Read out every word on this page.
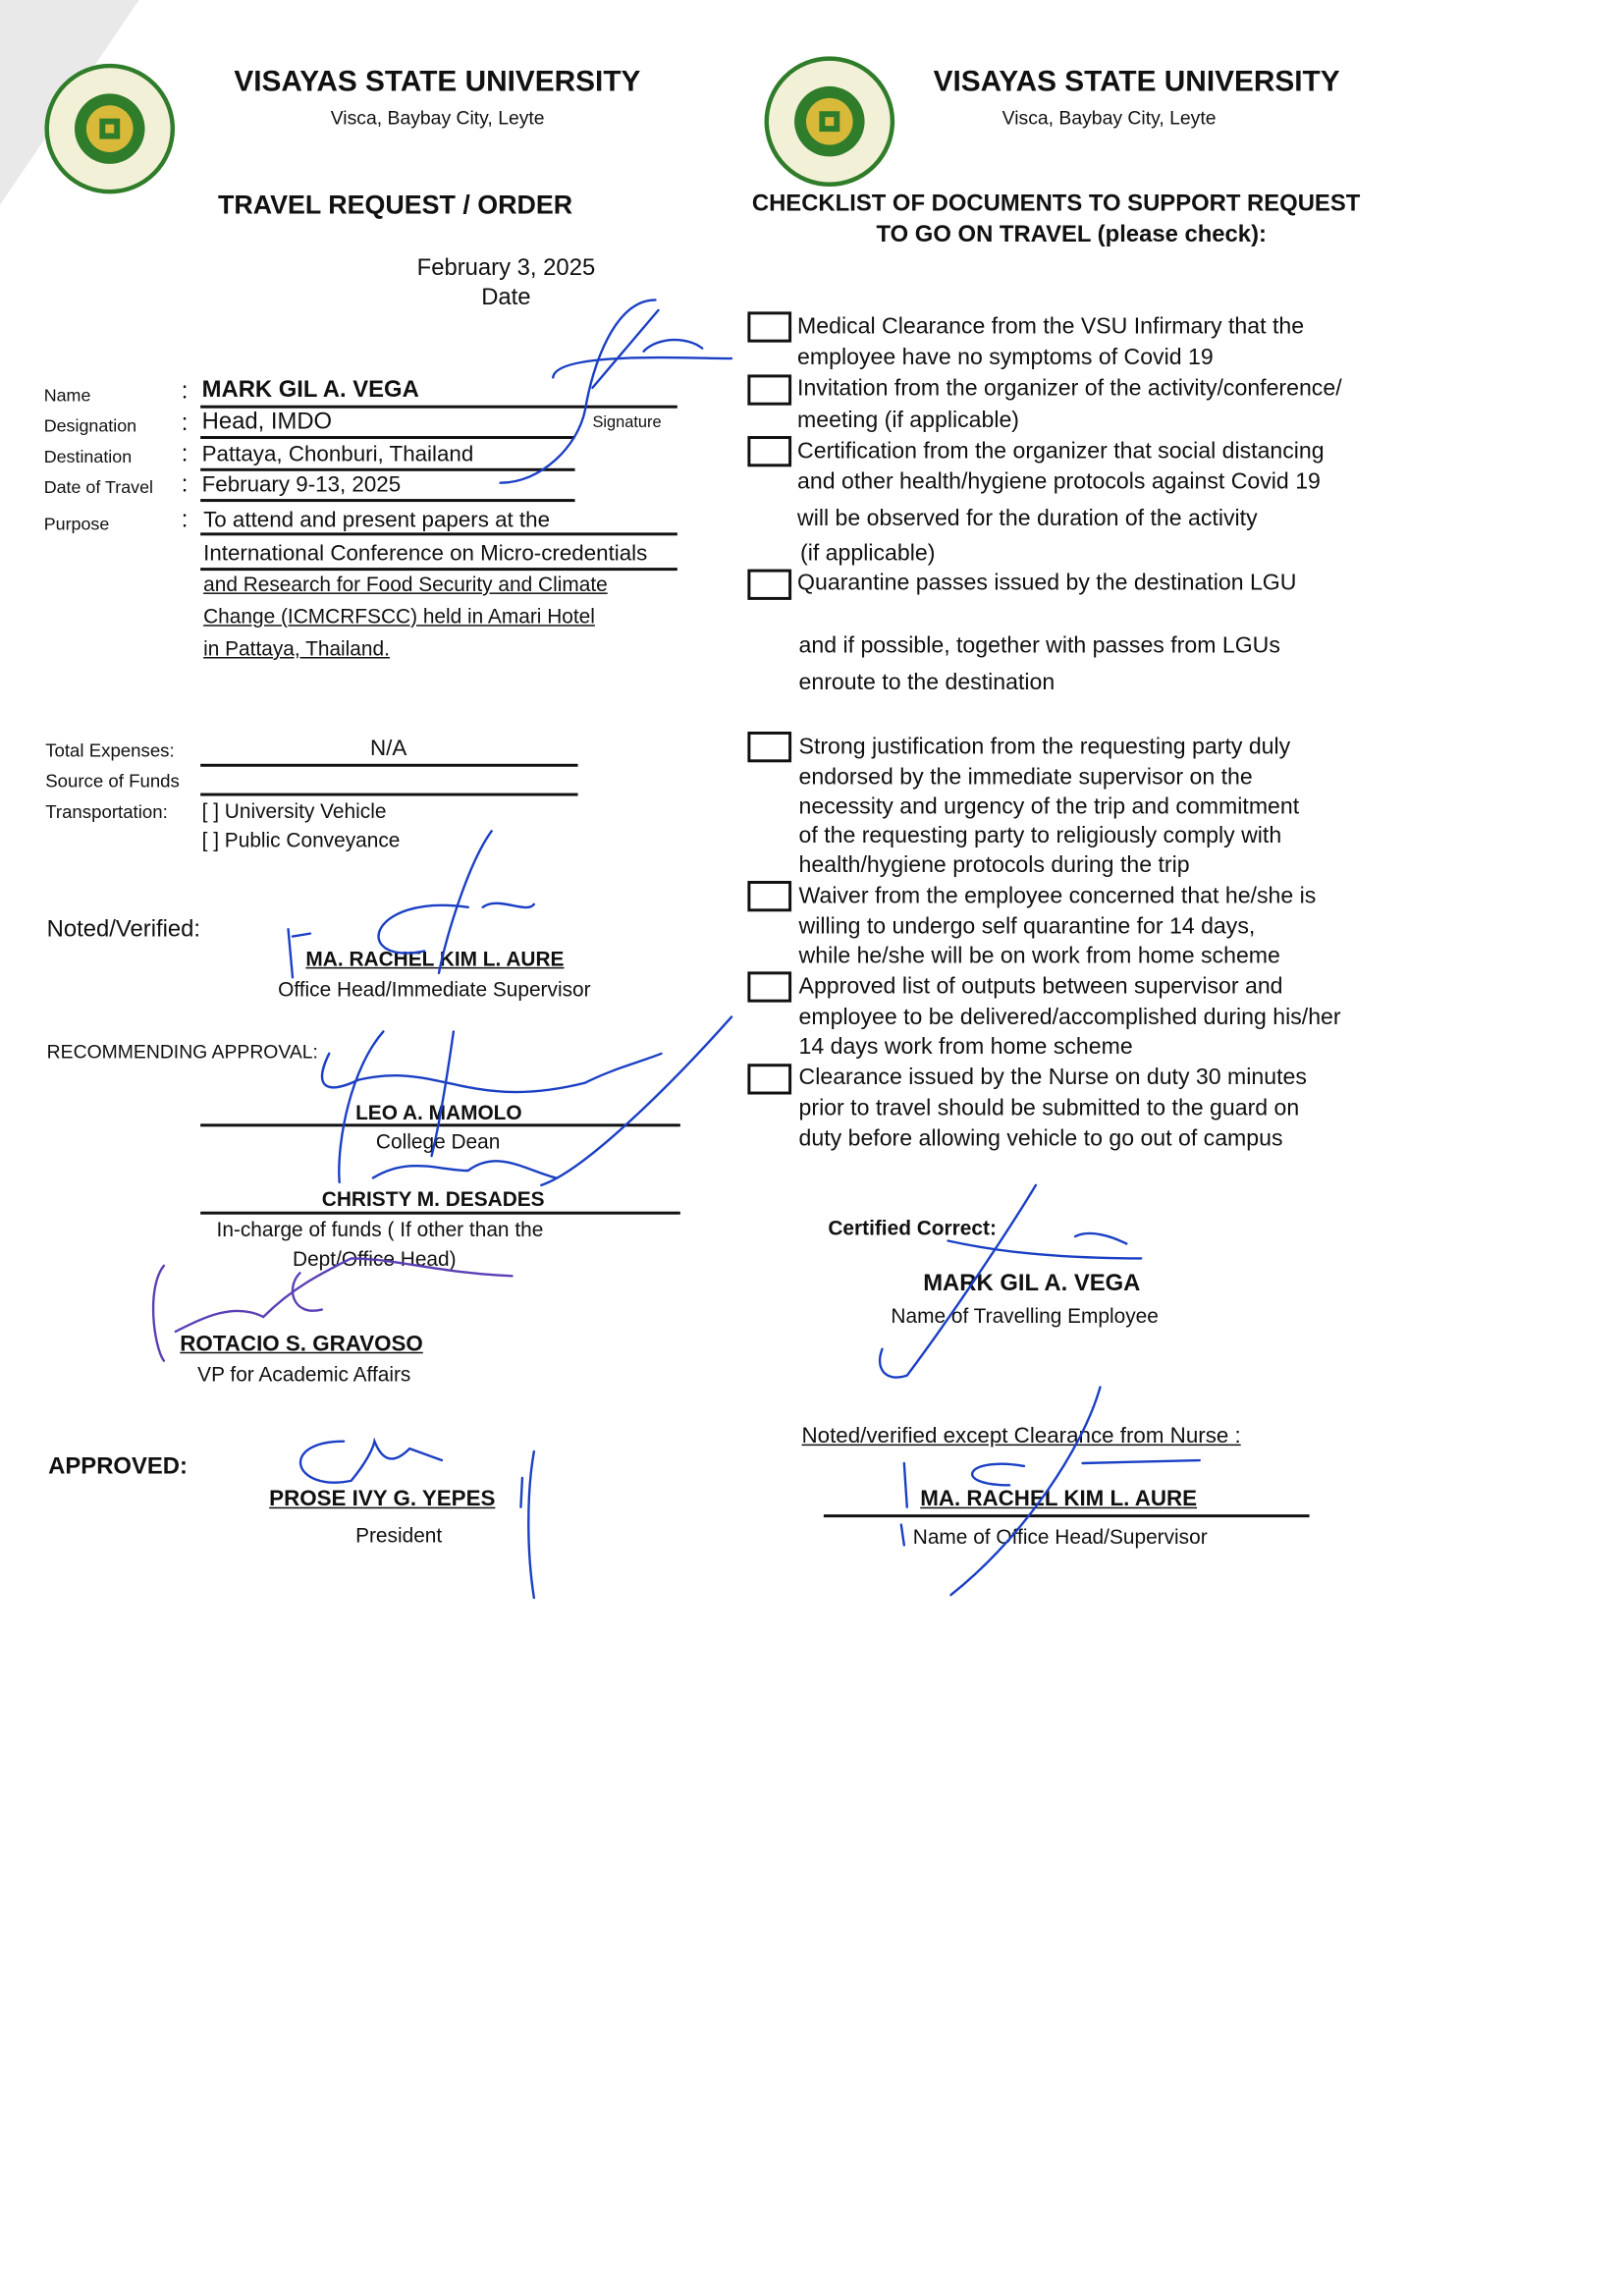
VISAYAS STATE UNIVERSITY
Visca, Baybay City, Leyte
TRAVEL REQUEST / ORDER
February 3, 2025
Date
Name
Designation
Destination
Date of Travel
Purpose
:
:
:
:
:
MARK GIL A. VEGA
Head, IMDO	Signature
Pattaya, Chonburi, Thailand
February 9-13, 2025
To attend and present papers at the
International Conference on Micro-credentials
and Research for Food Security and Climate
Change (ICMCRFSCC) held in Amari Hotel
in Pattaya, Thailand.
Total Expenses:	N/A
Source of Funds
Transportation: [ ] University Vehicle
[ ] Public Conveyance
Noted/Verified:
MA. RACHEL KIM L. AURE
Office Head/Immediate Supervisor
RECOMMENDING APPROVAL:
LEO A. MAMOLO
College Dean
CHRISTY M. DESADES
In-charge of funds ( If other than the
Dept/Office Head)
ROTACIO S. GRAVOSO
VP for Academic Affairs
APPROVED:
PROSE IVY G. YEPES
President
VISAYAS STATE UNIVERSITY
Visca, Baybay City, Leyte
CHECKLIST OF DOCUMENTS TO SUPPORT REQUEST
TO GO ON TRAVEL (please check):
Medical Clearance from the VSU Infirmary that the
employee have no symptoms of Covid 19
Invitation from the organizer of the activity/conference/
meeting (if applicable)
Certification from the organizer that social distancing
and other health/hygiene protocols against Covid 19
will be observed for the duration of the activity
(if applicable)
Quarantine passes issued by the destination LGU
and if possible, together with passes from LGUs
enroute to the destination
Strong justification from the requesting party duly
endorsed by the immediate supervisor on the
necessity and urgency of the trip and commitment
of the requesting party to religiously comply with
health/hygiene protocols during the trip
Waiver from the employee concerned that he/she is
willing to undergo self quarantine for 14 days,
while he/she will be on work from home scheme
Approved list of outputs between supervisor and
employee to be delivered/accomplished during his/her
14 days work from home scheme
Clearance issued by the Nurse on duty 30 minutes
prior to travel should be submitted to the guard on
duty before allowing vehicle to go out of campus
Certified Correct:
MARK GIL A. VEGA
Name of Travelling Employee
Noted/verified except Clearance from Nurse :
MA. RACHEL KIM L. AURE
Name of Office Head/Supervisor
